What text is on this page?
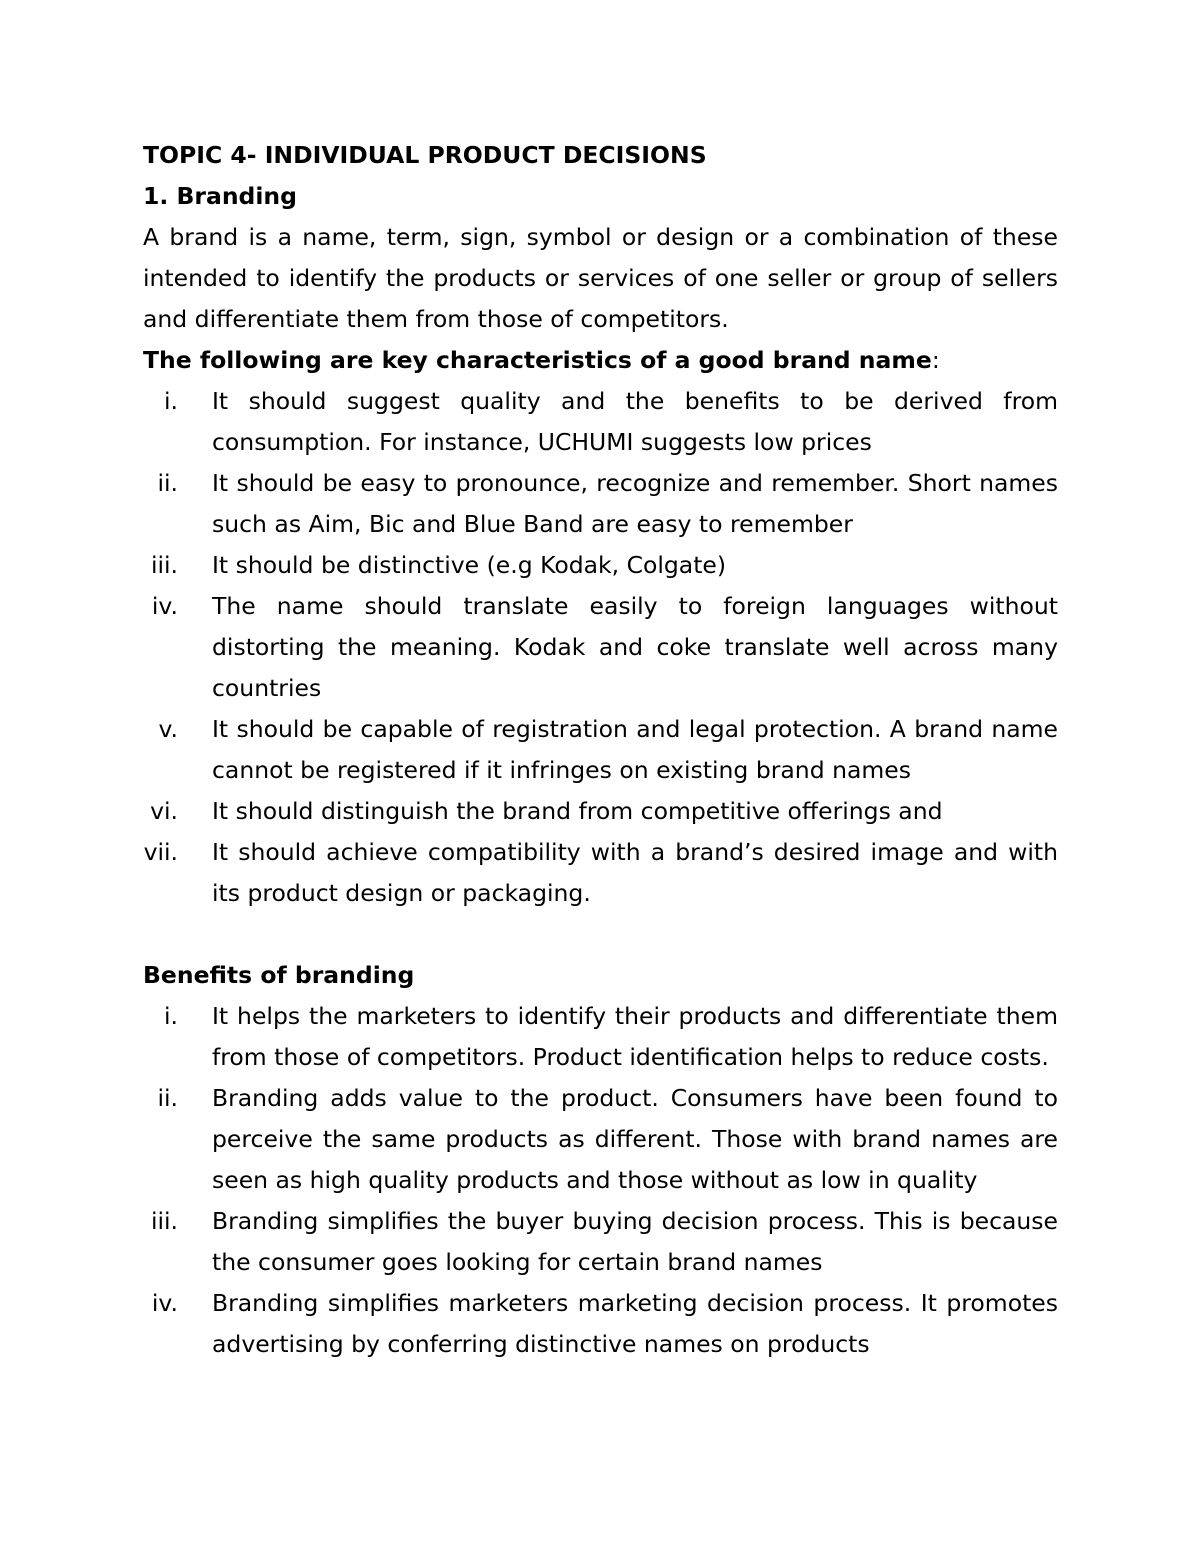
TOPIC 4- INDIVIDUAL PRODUCT DECISIONS

1. Branding

A brand is a name, term, sign, symbol or design or a combination of these intended to identify the products or services of one seller or group of sellers and differentiate them from those of competitors.

The following are key characteristics of a good brand name:

i. It should suggest quality and the benefits to be derived from consumption. For instance, UCHUMI suggests low prices
ii. It should be easy to pronounce, recognize and remember. Short names such as Aim, Bic and Blue Band are easy to remember
iii. It should be distinctive (e.g Kodak, Colgate)
iv. The name should translate easily to foreign languages without distorting the meaning. Kodak and coke translate well across many countries
v. It should be capable of registration and legal protection. A brand name cannot be registered if it infringes on existing brand names
vi. It should distinguish the brand from competitive offerings and
vii. It should achieve compatibility with a brand’s desired image and with its product design or packaging.

Benefits of branding

i. It helps the marketers to identify their products and differentiate them from those of competitors. Product identification helps to reduce costs.
ii. Branding adds value to the product. Consumers have been found to perceive the same products as different. Those with brand names are seen as high quality products and those without as low in quality
iii. Branding simplifies the buyer buying decision process. This is because the consumer goes looking for certain brand names
iv. Branding simplifies marketers marketing decision process. It promotes advertising by conferring distinctive names on products
